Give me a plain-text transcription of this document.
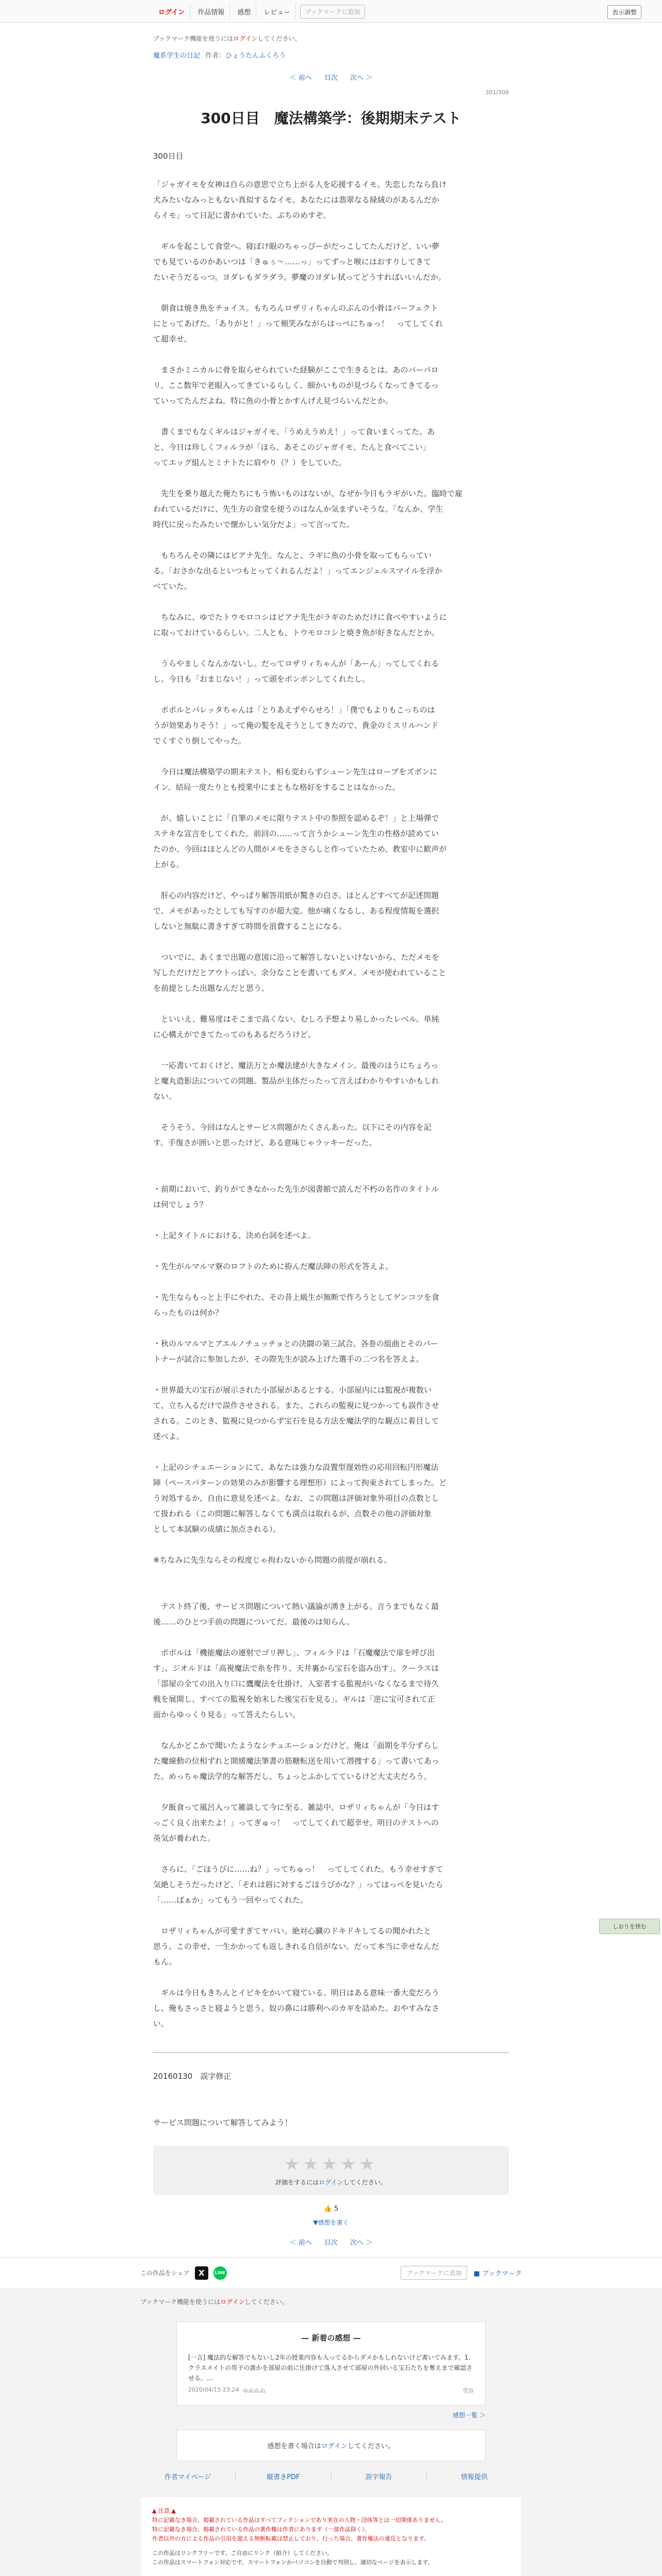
ログイン	作品情報	感想	レビュー	ブックマークに追加	表示調整
ブックマーク機能を使うにはログインしてください。
魔系学生の日記 作者：ひょうたんふくろう
＜ 前へ 目次 次へ ＞
301/308
300日目　魔法構築学：後期期末テスト
300日目

「ジャガイモを女神は自らの意思で立ち上がる人を応援するイモ。失恋したなら負け

犬みたいなみっともない真似するなイモ。あなたには翡翠なる緑絨のがあるんだか

らイモ」って日記に書かれていた。ぶちのめすぞ。

　ギルを起こして食堂へ。寝ぼけ眼のちゃっぴーがだっこしてたんだけど、いい夢

でも見ているのかあいつは「きゅぅ～……っ」ってずっと喉にはおすりしてきて

たいそうだるっつ。ヨダレもダラダラ。夢魔のヨダレ拭ってどうすればいいんだか。

　朝食は焼き魚をチョイス。もちろんロザリィちゃんのぶんの小骨はパーフェクト

にとってあげた。「ありがと！」って頬笑みながらはっぺにちゅっ！　ってしてくれ

て超幸せ。

　まさかミニカルに骨を取らせられていた経験がここで生きるとは。あのバーパロ

リ、ここ数年で老眼入ってきているらしく、細かいものが見づらくなってきてるっ

ていってたんだよね。特に魚の小骨とかすんげえ見づらいんだとか。

　書くまでもなくギルはジャガイモ。「うめえうめえ！」って食いまくってた。あ

と、今日は珍しくフィルラが「ほら、あそこのジャガイモ、たんと食べてこい」

ってエッグ組んとミナトたに肩やり（？）をしていた。

　先生を乗り越えた俺たちにもう怖いものはないが、なぜか今日もラギがいた。臨時で雇

われているだけに、先生方の食堂を使うのはなんか気まずいそうな。「なんか、学生

時代に戻ったみたいで懐かしい気分だよ」って言ってた。

　もちろんその隣にはピアナ先生。なんと、ラギに魚の小骨を取ってもらってい

る。「おさかな出るといつもとってくれるんだよ！」ってエンジェルスマイルを浮か

べていた。

　ちなみに、ゆでたトウモロコシはピアナ先生がラギのためだけに食べやすいように

に取っておけているらしい。二人とも、トウモロコシと焼き魚が好きなんだとか。

　うらやましくなんかないし。だってロザリィちゃんが「あーん」ってしてくれる

し。今日も「おまじない！」って頭をポンポンしてくれたし。

　ポポルとパレッタちゃんは「とりあえずやらせろ！」「僕でもよりもこっちのは

うが効果ありそう！」って俺の髪を乱そうとしてきたので、貴金のミスリルハンド

でくすぐり倒してやった。

　今日は魔法構築学の期末テスト。相も変わらずシューン先生はローブをズボンに

イン。結局一度たりとも授業中にまともな格好をすることはなかった。

　が、嬉しいことに「自筆のメモに限りテスト中の参照を認めるぞ！」と上場弾で

ステキな宣言をしてくれた。前回の……って言うかシューン先生の性格が読めてい

たのか、今回はほとんどの人間がメモをささらしと作っていたため、教室中に歓声が

上がる。

　肝心の内容だけど、やっぱり解答用紙が驚きの白さ。ほとんどすべてが記述問題

で、メモがあったとしても写すのが超大変。他が痛くなるし、ある程度情報を選択

しないと無駄に書きすぎて時間を浪費することになる。

　ついでに、あくまで出題の意図に沿って解答しないといけないから、ただメモを

写しただけだとアウトっぽい。余分なことを書いてもダメ。メモが使われていること

を前提とした出題なんだと思う。

　といいえ、難易度はそこまで高くない。むしろ予想より易しかったレベル。単純

に心構えができてたってのもあるだろうけど。

　一応書いておくけど、魔法万とか魔法建が大きなメイン。最後のほうにちょろっ

と魔丸造影法についての問題。製品が主体だったって言えばわかりやすいかもしれ

ない。

　そうそう、今回はなんとサービス問題がたくさんあった。以下にその内容を記

す。手復さが囲いと思ったけど、ある意味じゃラッキーだった。

・前期において、釣りがてきなかった先生が図書館で読んだ不朽の名作のタイトル

は何でしょう？

・上記タイトルにおける、決め台詞を述べよ。

・先生がルマルマ寮のロフトのために拵んだ魔法陣の形式を答えよ。

・先生ならもっと上手にやれた。その昔上級生が無断で作ろうとしてゲンコツを食

らったものは何か？

・秋のルマルマとアエルノチュッチョとの決闘の第三試合。各巻の組曲とそのパー

トナーが試合に参加したが、その際先生が読み上げた選手の二つ名を答えよ。

・世界最大の宝石が展示された小部屋があるとする。小部屋内には監視が複数い

て、立ち入るだけで誤作させされる。また、これらの監視に見つかっても誤作させ

される。このとき、監視に見つからず宝石を見る方法を魔法学的な観点に着目して

述べよ。

・上記のシチュエーションにて、あなたは強力な設置型遅効性の応用回転円形魔法

陣（ペースパターンの効果のみが影響する理想形）によって拘束されてしまった。ど

う対処するか、自由に意見を述べよ。なお、この問題は評価対象外項目の点数とし

て扱われる（この問題に解答しなくても満点は取れるが、点数その他の評価対象

として本試験の成績に加点される）。

※ちなみに先生ならその程度じゃ拘わないから問題の前提が崩れる。

　テスト終了後、サービス問題について熱い議論が湧き上がる。言うまでもなく最

後……のひとつ手前の問題についてだ。最後のは知らん。

　ポポルは「機能魔法の連射でゴリ押し」、フィルラドは「石魔魔法で扉を呼び出

す」、ジオルドは「高視魔法で糸を作り、天井裏から宝石を盗み出す」、クーラスは

「部屋の全ての出入り口に鷹魔法を仕掛け、入室者する監視がいなくなるまで待久

戦を展開し、すべての監視を始末した後宝石を見る」。ギルは「逆に宝可されて正

面からゆっくり見る」って答えたらしい。

　なんかどこかで聞いたようなシチュエーションだけど。俺は「面期を半分ずらし

た魔線動の位相ずれと開緩魔法筆書の筋糖転送を用いて潜捜する」って書いてあっ

た。めっちゃ魔法学的な解答だし、ちょっとふかしてているけど大丈夫だろう。

　夕飯食って風呂入って雑談して今に至る。雑誌中、ロザリィちゃんが「今日はす

っごく良く出来たよ！」ってぎゅっ！　ってしてくれて超幸せ。明日のテストへの

英気が養われた。

　さらに、「ごほうびに……ね？」ってちゅっ！　ってしてくれた。もう幸せすぎて

気絶しそうだったけど、「それは唇に対するごほうびかな？」ってほっぺを見いたら

「……ばぁか」ってもう一回やってくれた。

　ロザリィちゃんが可愛すぎてヤバい。絶対心臓のドキドキしてるの聞かれたと

思う。この幸せ、一生かかっても返しきれる自信がない。だって本当に幸せなんだ

もん。

　ギルは今日もきちんとイビキをかいて寝ている。明日はある意味一番大変だろう

し、俺もさっさと寝ようと思う。奴の鼻には勝利へのカギを詰めた。おやすみなさ

い。

20160130　誤字修正

サービス問題について解答してみよう！

★★★★★
評価をするにはログインしてください。
👍 5
▼感想を書く
＜ 前へ 目次 次へ ＞
この作品をシェア	X	LINE	ブックマークに追加	■ ブックマーク
ブックマーク機能を使うにはログインしてください。
— 新着の感想 —
[一言] 魔法的な解答でもないし2年の授業内容も入ってるからダメかもしれないけど書いてみます。1.クラスメイトの男子の誰かを部屋の前に仕掛けて落入させて部屋の外回いる宝石たちを奪えまで確認させる。…
2020/04/15 23:24
ゆぬぬぬ	受容
感想一覧 ＞
感想を書く場合はログインしてください。
作者マイページ	縦書きPDF	誤字報告	情報提供
▲ 注意 ▲
特に記載なき場合、掲載されている作品はすべてフィクションであり実在の人物・団体等とは一切関係ありません。
特に記載なき場合、掲載されている作品の著作権は作者にあります（一部作品除く）。
作者以外の方による作品の引用を超える無断転載は禁止しており、行った場合、著作権法の違反となります。
この作品はリンクフリーです。ご自由にリンク（紹介）してください。
この作品はスマートフォン対応です。スマートフォンかパソコンを自動で判別し、適切なページを表示します。
しおりを挟む
